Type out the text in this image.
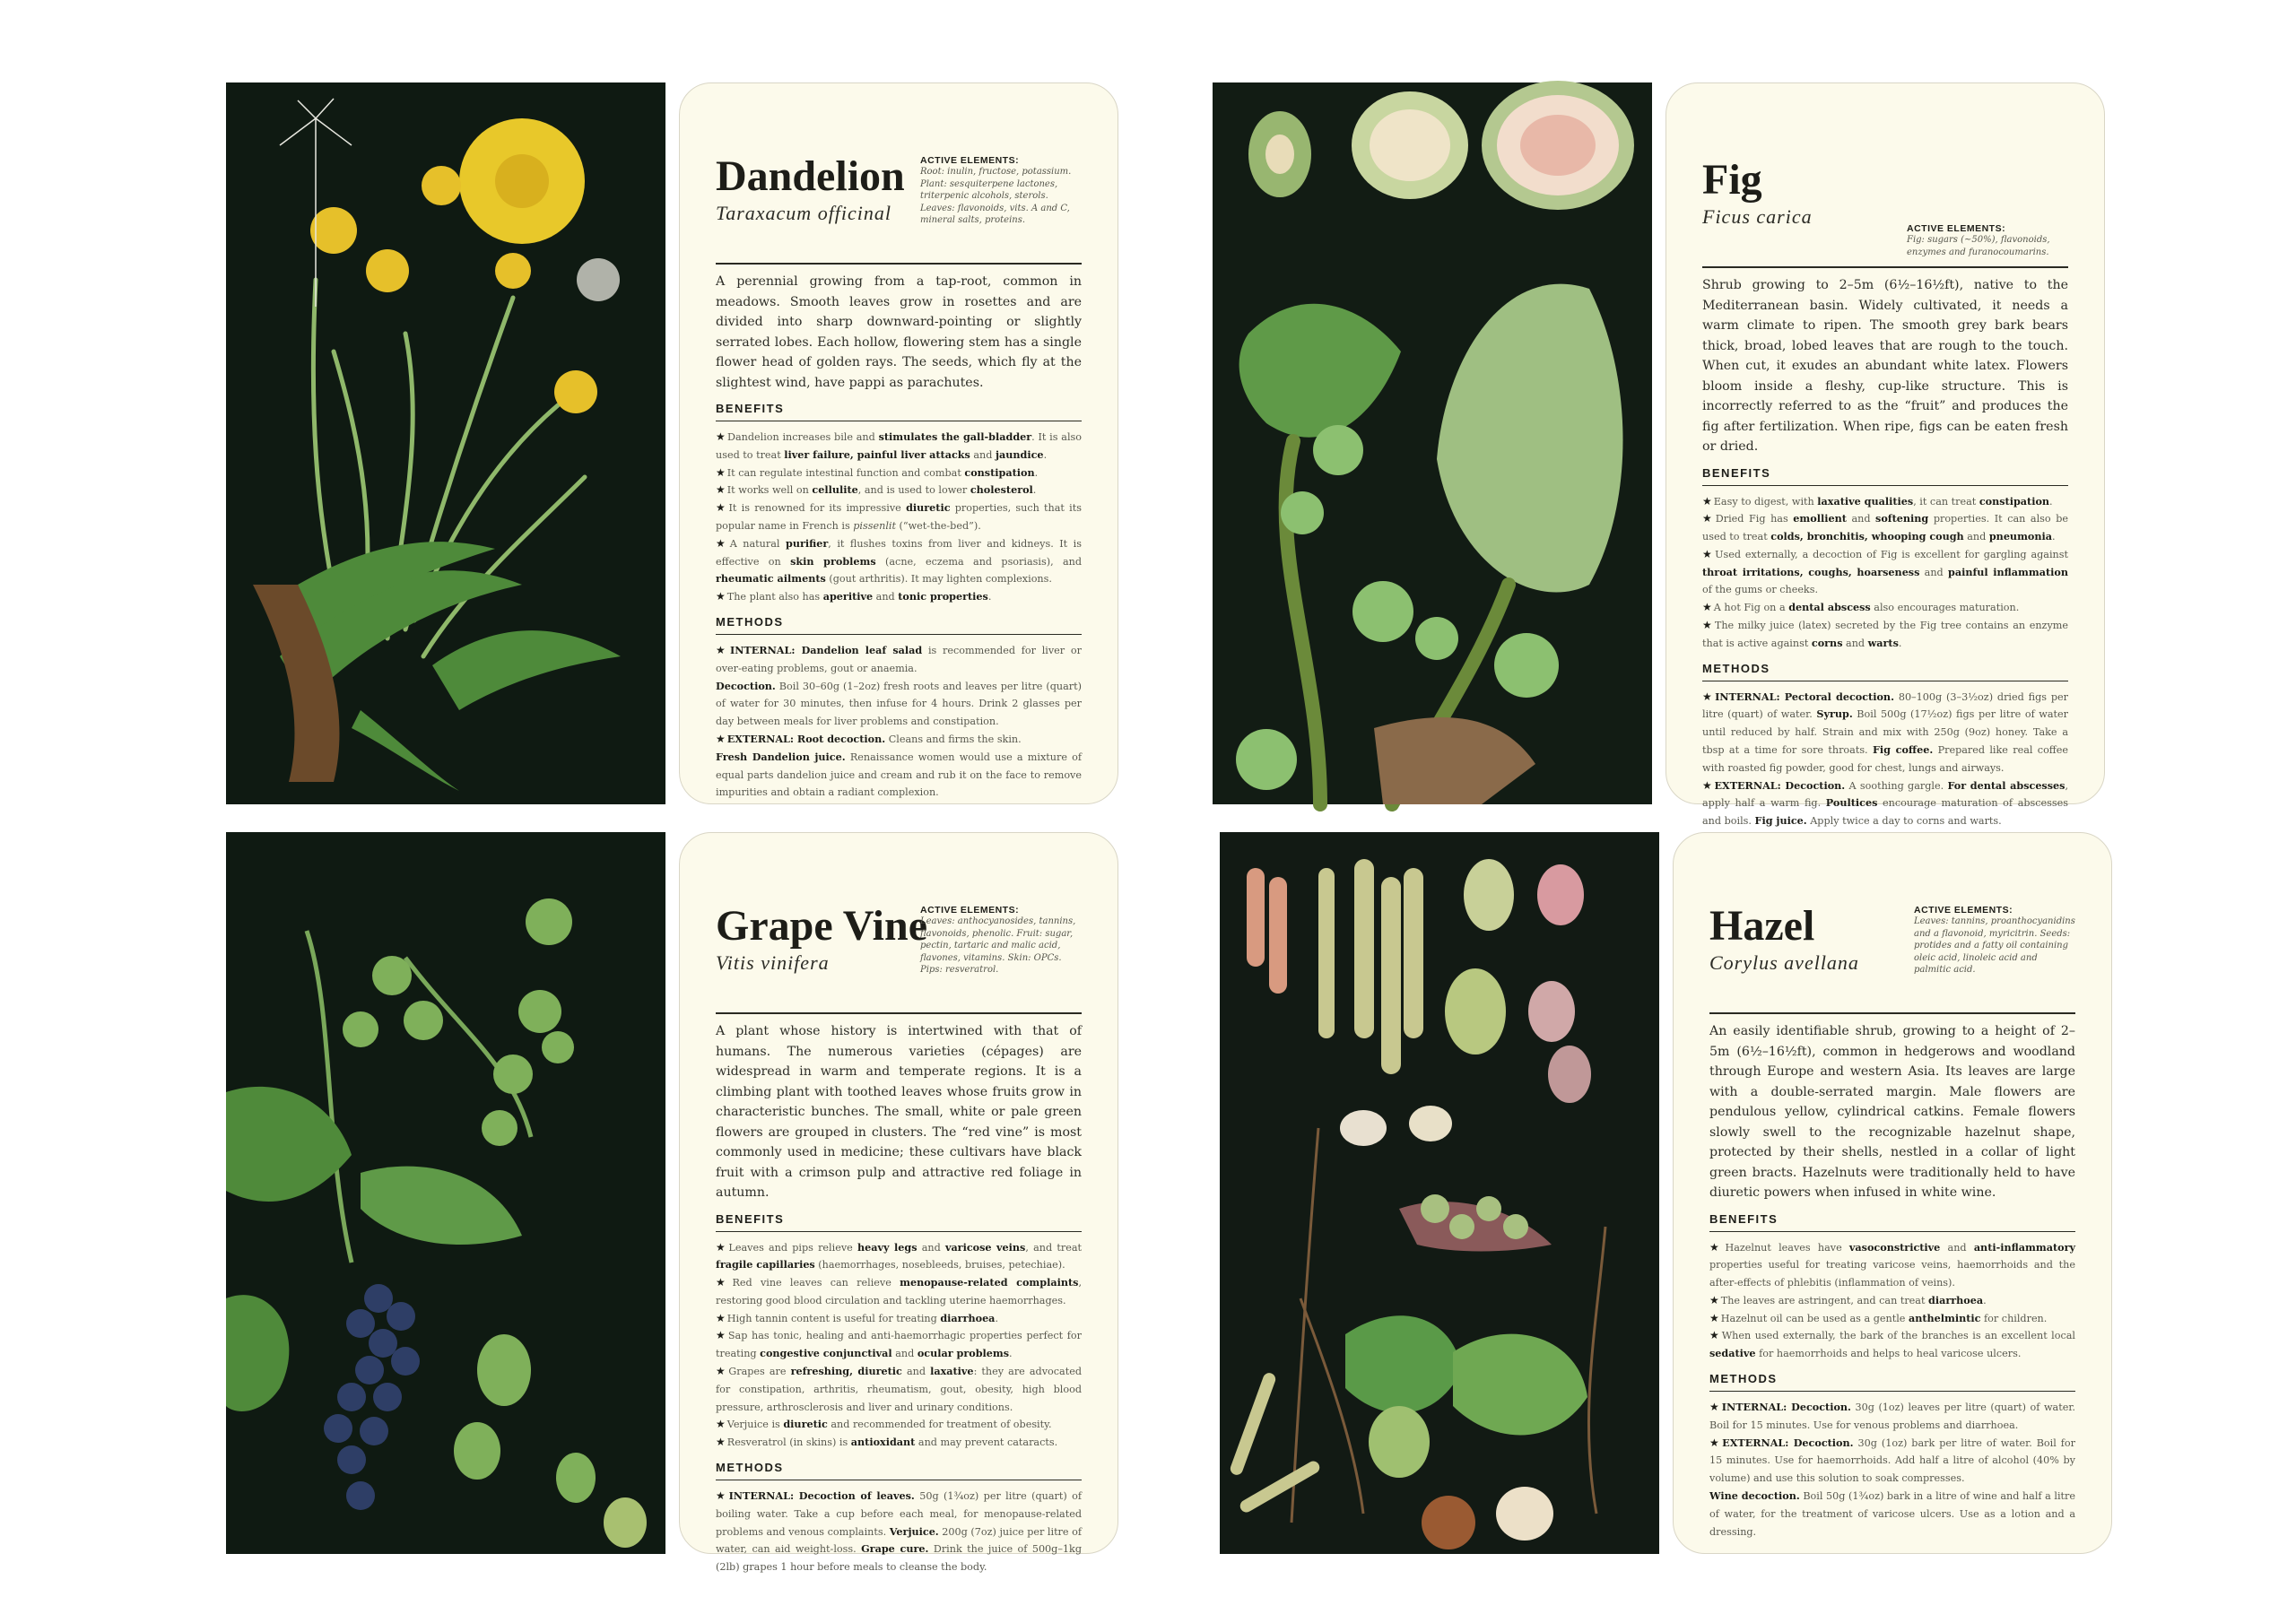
Dandelion
Taraxacum officinal
ACTIVE ELEMENTS:
Root: inulin, fructose, potassium. Plant: sesquiterpene lactones, triterpenic alcohols, sterols. Leaves: flavonoids, vits. A and C, mineral salts, proteins.
A perennial growing from a tap-root, common in meadows. Smooth leaves grow in rosettes and are divided into sharp downward-pointing or slightly serrated lobes. Each hollow, flowering stem has a single flower head of golden rays. The seeds, which fly at the slightest wind, have pappi as parachutes.
BENEFITS
★ Dandelion increases bile and stimulates the gall-bladder. It is also used to treat liver failure, painful liver attacks and jaundice.
★ It can regulate intestinal function and combat constipation.
★ It works well on cellulite, and is used to lower cholesterol.
★ It is renowned for its impressive diuretic properties, such that its popular name in French is pissenlit (“wet-the-bed”).
★ A natural purifier, it flushes toxins from liver and kidneys. It is effective on skin problems (acne, eczema and psoriasis), and rheumatic ailments (gout arthritis). It may lighten complexions.
★ The plant also has aperitive and tonic properties.
METHODS
★ INTERNAL: Dandelion leaf salad is recommended for liver or over-eating problems, gout or anaemia.
Decoction. Boil 30–60g (1–2oz) fresh roots and leaves per litre (quart) of water for 30 minutes, then infuse for 4 hours. Drink 2 glasses per day between meals for liver problems and constipation.
★ EXTERNAL: Root decoction. Cleans and firms the skin.
Fresh Dandelion juice. Renaissance women would use a mixture of equal parts dandelion juice and cream and rub it on the face to remove impurities and obtain a radiant complexion.
Fig
Ficus carica
ACTIVE ELEMENTS:
Fig: sugars (~50%), flavonoids, enzymes and furanocoumarins.
Shrub growing to 2–5m (6½–16½ft), native to the Mediterranean basin. Widely cultivated, it needs a warm climate to ripen. The smooth grey bark bears thick, broad, lobed leaves that are rough to the touch. When cut, it exudes an abundant white latex. Flowers bloom inside a fleshy, cup-like structure. This is incorrectly referred to as the “fruit” and produces the fig after fertilization. When ripe, figs can be eaten fresh or dried.
BENEFITS
★ Easy to digest, with laxative qualities, it can treat constipation.
★ Dried Fig has emollient and softening properties. It can also be used to treat colds, bronchitis, whooping cough and pneumonia.
★ Used externally, a decoction of Fig is excellent for gargling against throat irritations, coughs, hoarseness and painful inflammation of the gums or cheeks.
★ A hot Fig on a dental abscess also encourages maturation.
★ The milky juice (latex) secreted by the Fig tree contains an enzyme that is active against corns and warts.
METHODS
★ INTERNAL: Pectoral decoction. 80–100g (3–3½oz) dried figs per litre (quart) of water. Syrup. Boil 500g (17½oz) figs per litre of water until reduced by half. Strain and mix with 250g (9oz) honey. Take a tbsp at a time for sore throats. Fig coffee. Prepared like real coffee with roasted fig powder, good for chest, lungs and airways.
★ EXTERNAL: Decoction. A soothing gargle. For dental abscesses, apply half a warm fig. Poultices encourage maturation of abscesses and boils. Fig juice. Apply twice a day to corns and warts.
Grape Vine
Vitis vinifera
ACTIVE ELEMENTS:
Leaves: anthocyanosides, tannins, flavonoids, phenolic. Fruit: sugar, pectin, tartaric and malic acid, flavones, vitamins. Skin: OPCs. Pips: resveratrol.
A plant whose history is intertwined with that of humans. The numerous varieties (cépages) are widespread in warm and temperate regions. It is a climbing plant with toothed leaves whose fruits grow in characteristic bunches. The small, white or pale green flowers are grouped in clusters. The “red vine” is most commonly used in medicine; these cultivars have black fruit with a crimson pulp and attractive red foliage in autumn.
BENEFITS
★ Leaves and pips relieve heavy legs and varicose veins, and treat fragile capillaries (haemorrhages, nosebleeds, bruises, petechiae).
★ Red vine leaves can relieve menopause-related complaints, restoring good blood circulation and tackling uterine haemorrhages.
★ High tannin content is useful for treating diarrhoea.
★ Sap has tonic, healing and anti-haemorrhagic properties perfect for treating congestive conjunctival and ocular problems.
★ Grapes are refreshing, diuretic and laxative: they are advocated for constipation, arthritis, rheumatism, gout, obesity, high blood pressure, arthrosclerosis and liver and urinary conditions.
★ Verjuice is diuretic and recommended for treatment of obesity.
★ Resveratrol (in skins) is antioxidant and may prevent cataracts.
METHODS
★ INTERNAL: Decoction of leaves. 50g (1¾oz) per litre (quart) of boiling water. Take a cup before each meal, for menopause-related problems and venous complaints. Verjuice. 200g (7oz) juice per litre of water, can aid weight-loss. Grape cure. Drink the juice of 500g–1kg (2lb) grapes 1 hour before meals to cleanse the body.
Hazel
Corylus avellana
ACTIVE ELEMENTS:
Leaves: tannins, proanthocyanidins and a flavonoid, myricitrin. Seeds: protides and a fatty oil containing oleic acid, linoleic acid and palmitic acid.
An easily identifiable shrub, growing to a height of 2–5m (6½–16½ft), common in hedgerows and woodland through Europe and western Asia. Its leaves are large with a double-serrated margin. Male flowers are pendulous yellow, cylindrical catkins. Female flowers slowly swell to the recognizable hazelnut shape, protected by their shells, nestled in a collar of light green bracts. Hazelnuts were traditionally held to have diuretic powers when infused in white wine.
BENEFITS
★ Hazelnut leaves have vasoconstrictive and anti-inflammatory properties useful for treating varicose veins, haemorrhoids and the after-effects of phlebitis (inflammation of veins).
★ The leaves are astringent, and can treat diarrhoea.
★ Hazelnut oil can be used as a gentle anthelmintic for children.
★ When used externally, the bark of the branches is an excellent local sedative for haemorrhoids and helps to heal varicose ulcers.
METHODS
★ INTERNAL: Decoction. 30g (1oz) leaves per litre (quart) of water. Boil for 15 minutes. Use for venous problems and diarrhoea.
★ EXTERNAL: Decoction. 30g (1oz) bark per litre of water. Boil for 15 minutes. Use for haemorrhoids. Add half a litre of alcohol (40% by volume) and use this solution to soak compresses.
Wine decoction. Boil 50g (1¾oz) bark in a litre of wine and half a litre of water, for the treatment of varicose ulcers. Use as a lotion and a dressing.
